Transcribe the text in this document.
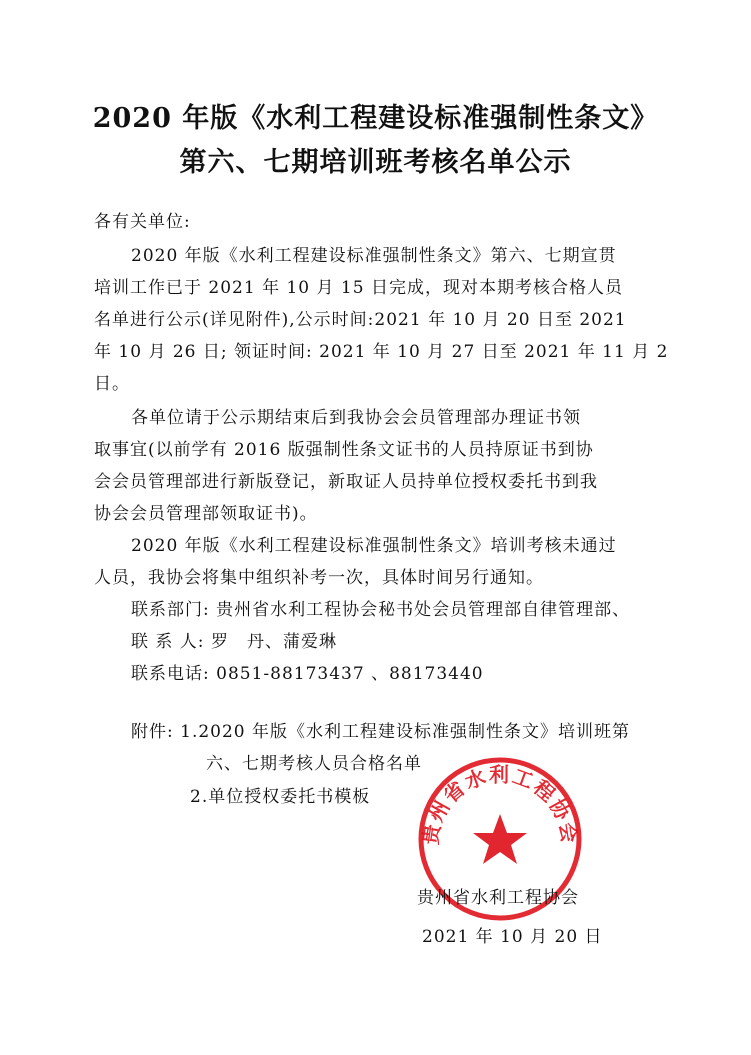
2020 年版《水利工程建设标准强制性条文》
第六、七期培训班考核名单公示
各有关单位:
2020 年版《水利工程建设标准强制性条文》第六、七期宣贯
培训工作已于 2021 年 10 月 15 日完成，现对本期考核合格人员
名单进行公示(详见附件),公示时间:2021 年 10 月 20 日至 2021
年 10 月 26 日; 领证时间: 2021 年 10 月 27 日至 2021 年 11 月 2
日。
各单位请于公示期结束后到我协会会员管理部办理证书领
取事宜(以前学有 2016 版强制性条文证书的人员持原证书到协
会会员管理部进行新版登记，新取证人员持单位授权委托书到我
协会会员管理部领取证书)。
2020 年版《水利工程建设标准强制性条文》培训考核未通过
人员，我协会将集中组织补考一次，具体时间另行通知。
联系部门: 贵州省水利工程协会秘书处会员管理部自律管理部、
联 系 人: 罗　丹、蒲爱琳
联系电话: 0851-88173437 、88173440
附件: 1.2020 年版《水利工程建设标准强制性条文》培训班第
六、七期考核人员合格名单
2.单位授权委托书模板
贵州省水利工程协会
贵州省水利工程协会
2021 年 10 月 20 日
